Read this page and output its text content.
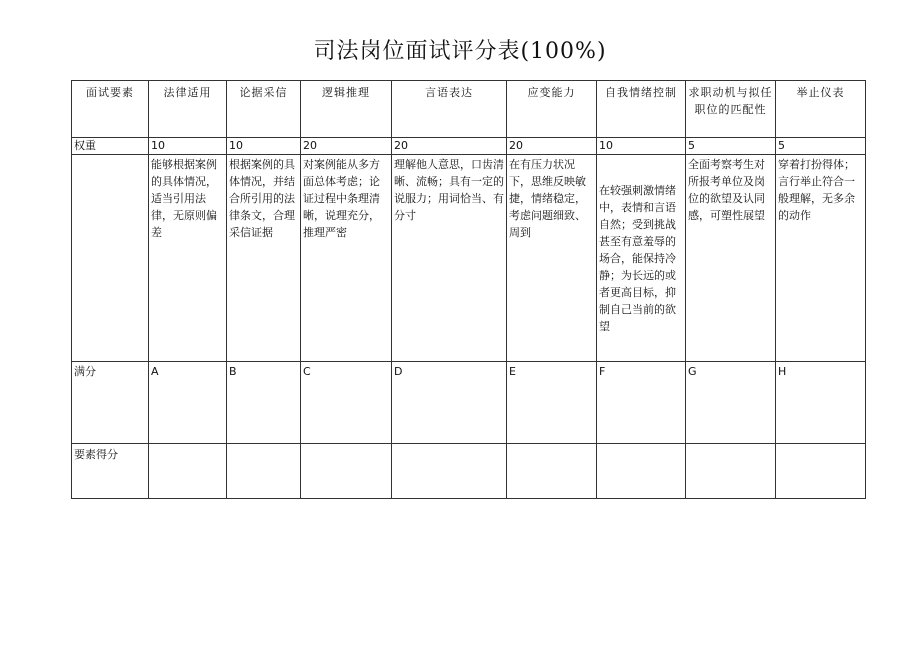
司法岗位面试评分表(100%)
面试要素	法律适用	论据采信	逻辑推理	言语表达	应变能力	自我情绪控制	求职动机与拟任职位的匹配性	举止仪表
权重	10	10	20	20	20	10	5	5
	能够根据案例的具体情况，适当引用法律，无原则偏差	根据案例的具体情况，并结合所引用的法律条文，合理采信证据	对案例能从多方面总体考虑；论证过程中条理清晰，说理充分，推理严密	理解他人意思，口齿清晰、流畅；具有一定的说服力；用词恰当、有分寸	在有压力状况下，思维反映敏捷，情绪稳定，考虑问题细致、周到	在较强刺激情绪中，表情和言语自然；受到挑战甚至有意羞辱的场合，能保持冷静；为长远的或者更高目标，抑制自己当前的欲望	全面考察考生对所报考单位及岗位的欲望及认同感，可塑性展望	穿着打扮得体；言行举止符合一般理解，无多余的动作
满分	A	B	C	D	E	F	G	H
要素得分								
